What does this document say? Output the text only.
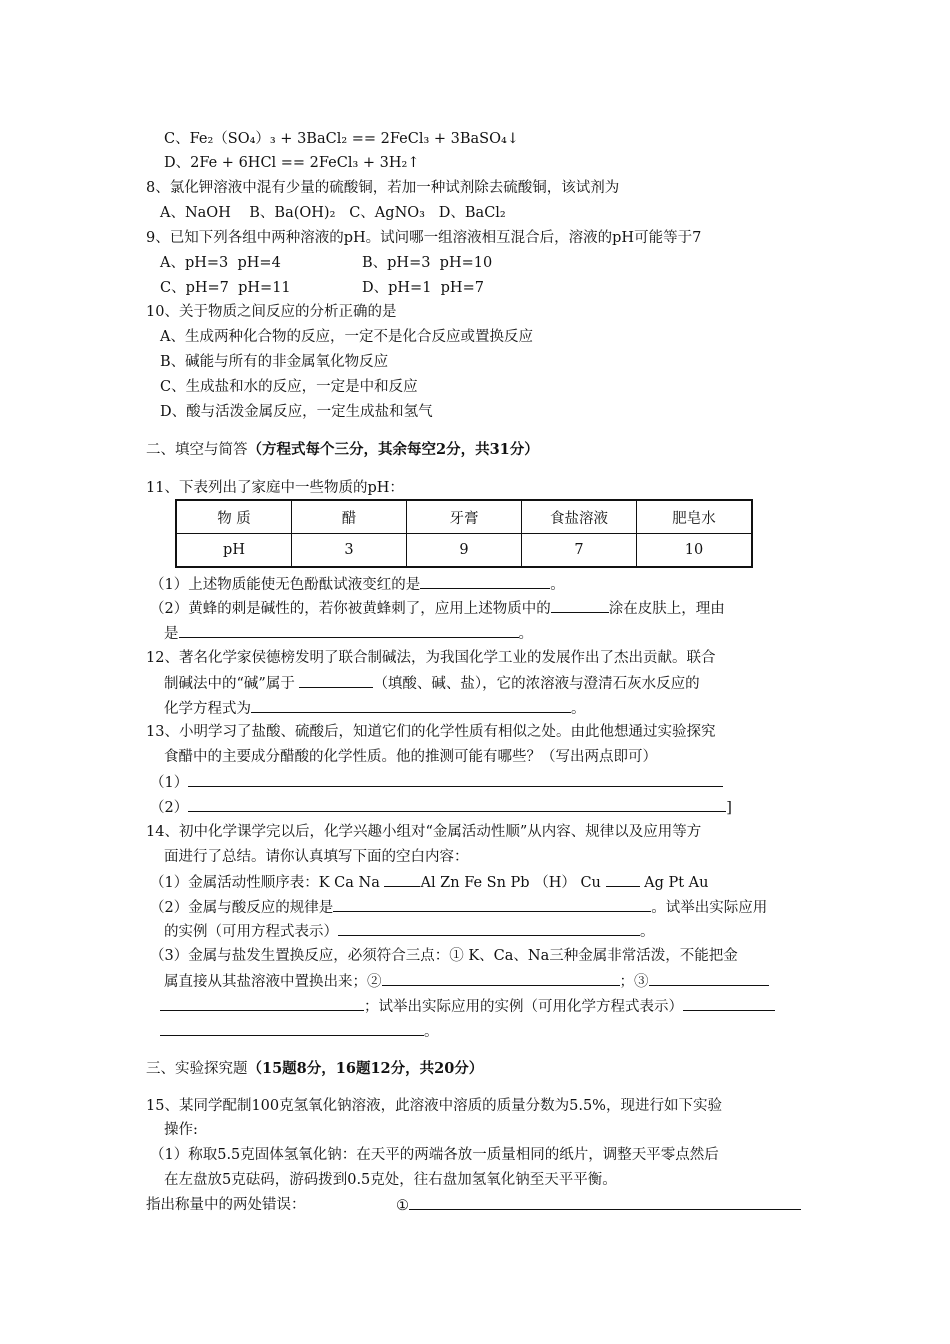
C、Fe₂（SO₄）₃ + 3BaCl₂ == 2FeCl₃ + 3BaSO₄↓
D、2Fe + 6HCl == 2FeCl₃ + 3H₂↑
8、氯化钾溶液中混有少量的硫酸铜，若加一种试剂除去硫酸铜，该试剂为
A、NaOH    B、Ba(OH)₂   C、AgNO₃   D、BaCl₂
9、已知下列各组中两种溶液的pH。试问哪一组溶液相互混合后，溶液的pH可能等于7
A、pH=3  pH=4	B、pH=3  pH=10
C、pH=7  pH=11	D、pH=1  pH=7
10、关于物质之间反应的分析正确的是
A、生成两种化合物的反应，一定不是化合反应或置换反应
B、碱能与所有的非金属氧化物反应
C、生成盐和水的反应，一定是中和反应
D、酸与活泼金属反应，一定生成盐和氢气
二、填空与简答（方程式每个三分，其余每空2分，共31分）
11、下表列出了家庭中一些物质的pH：
物 质	醋	牙膏	食盐溶液	肥皂水
pH	3	9	7	10
（1）上述物质能使无色酚酞试液变红的是	。
（2）黄蜂的刺是碱性的，若你被黄蜂刺了，应用上述物质中的	涂在皮肤上，理由
是	。
12、著名化学家侯德榜发明了联合制碱法，为我国化学工业的发展作出了杰出贡献。联合
制碱法中的“碱”属于	（填酸、碱、盐），它的浓溶液与澄清石灰水反应的
化学方程式为	。
13、小明学习了盐酸、硫酸后，知道它们的化学性质有相似之处。由此他想通过实验探究
食醋中的主要成分醋酸的化学性质。他的推测可能有哪些？（写出两点即可）
（1）
（2）	]
14、初中化学课学完以后，化学兴趣小组对“金属活动性顺”从内容、规律以及应用等方
面进行了总结。请你认真填写下面的空白内容：
（1）金属活动性顺序表：K Ca Na Al Zn Fe Sn Pb （H） Cu  Ag Pt Au
（2）金属与酸反应的规律是	。试举出实际应用
的实例（可用方程式表示）	。
（3）金属与盐发生置换反应，必须符合三点：① K、Ca、Na三种金属非常活泼，不能把金
属直接从其盐溶液中置换出来；②	；③
；试举出实际应用的实例（可用化学方程式表示）
。
三、实验探究题（15题8分，16题12分，共20分）
15、某同学配制100克氢氧化钠溶液，此溶液中溶质的质量分数为5.5%，现进行如下实验
操作:
（1）称取5.5克固体氢氧化钠：在天平的两端各放一质量相同的纸片，调整天平零点然后
在左盘放5克砝码，游码拨到0.5克处，往右盘加氢氧化钠至天平平衡。
指出称量中的两处错误：	①
